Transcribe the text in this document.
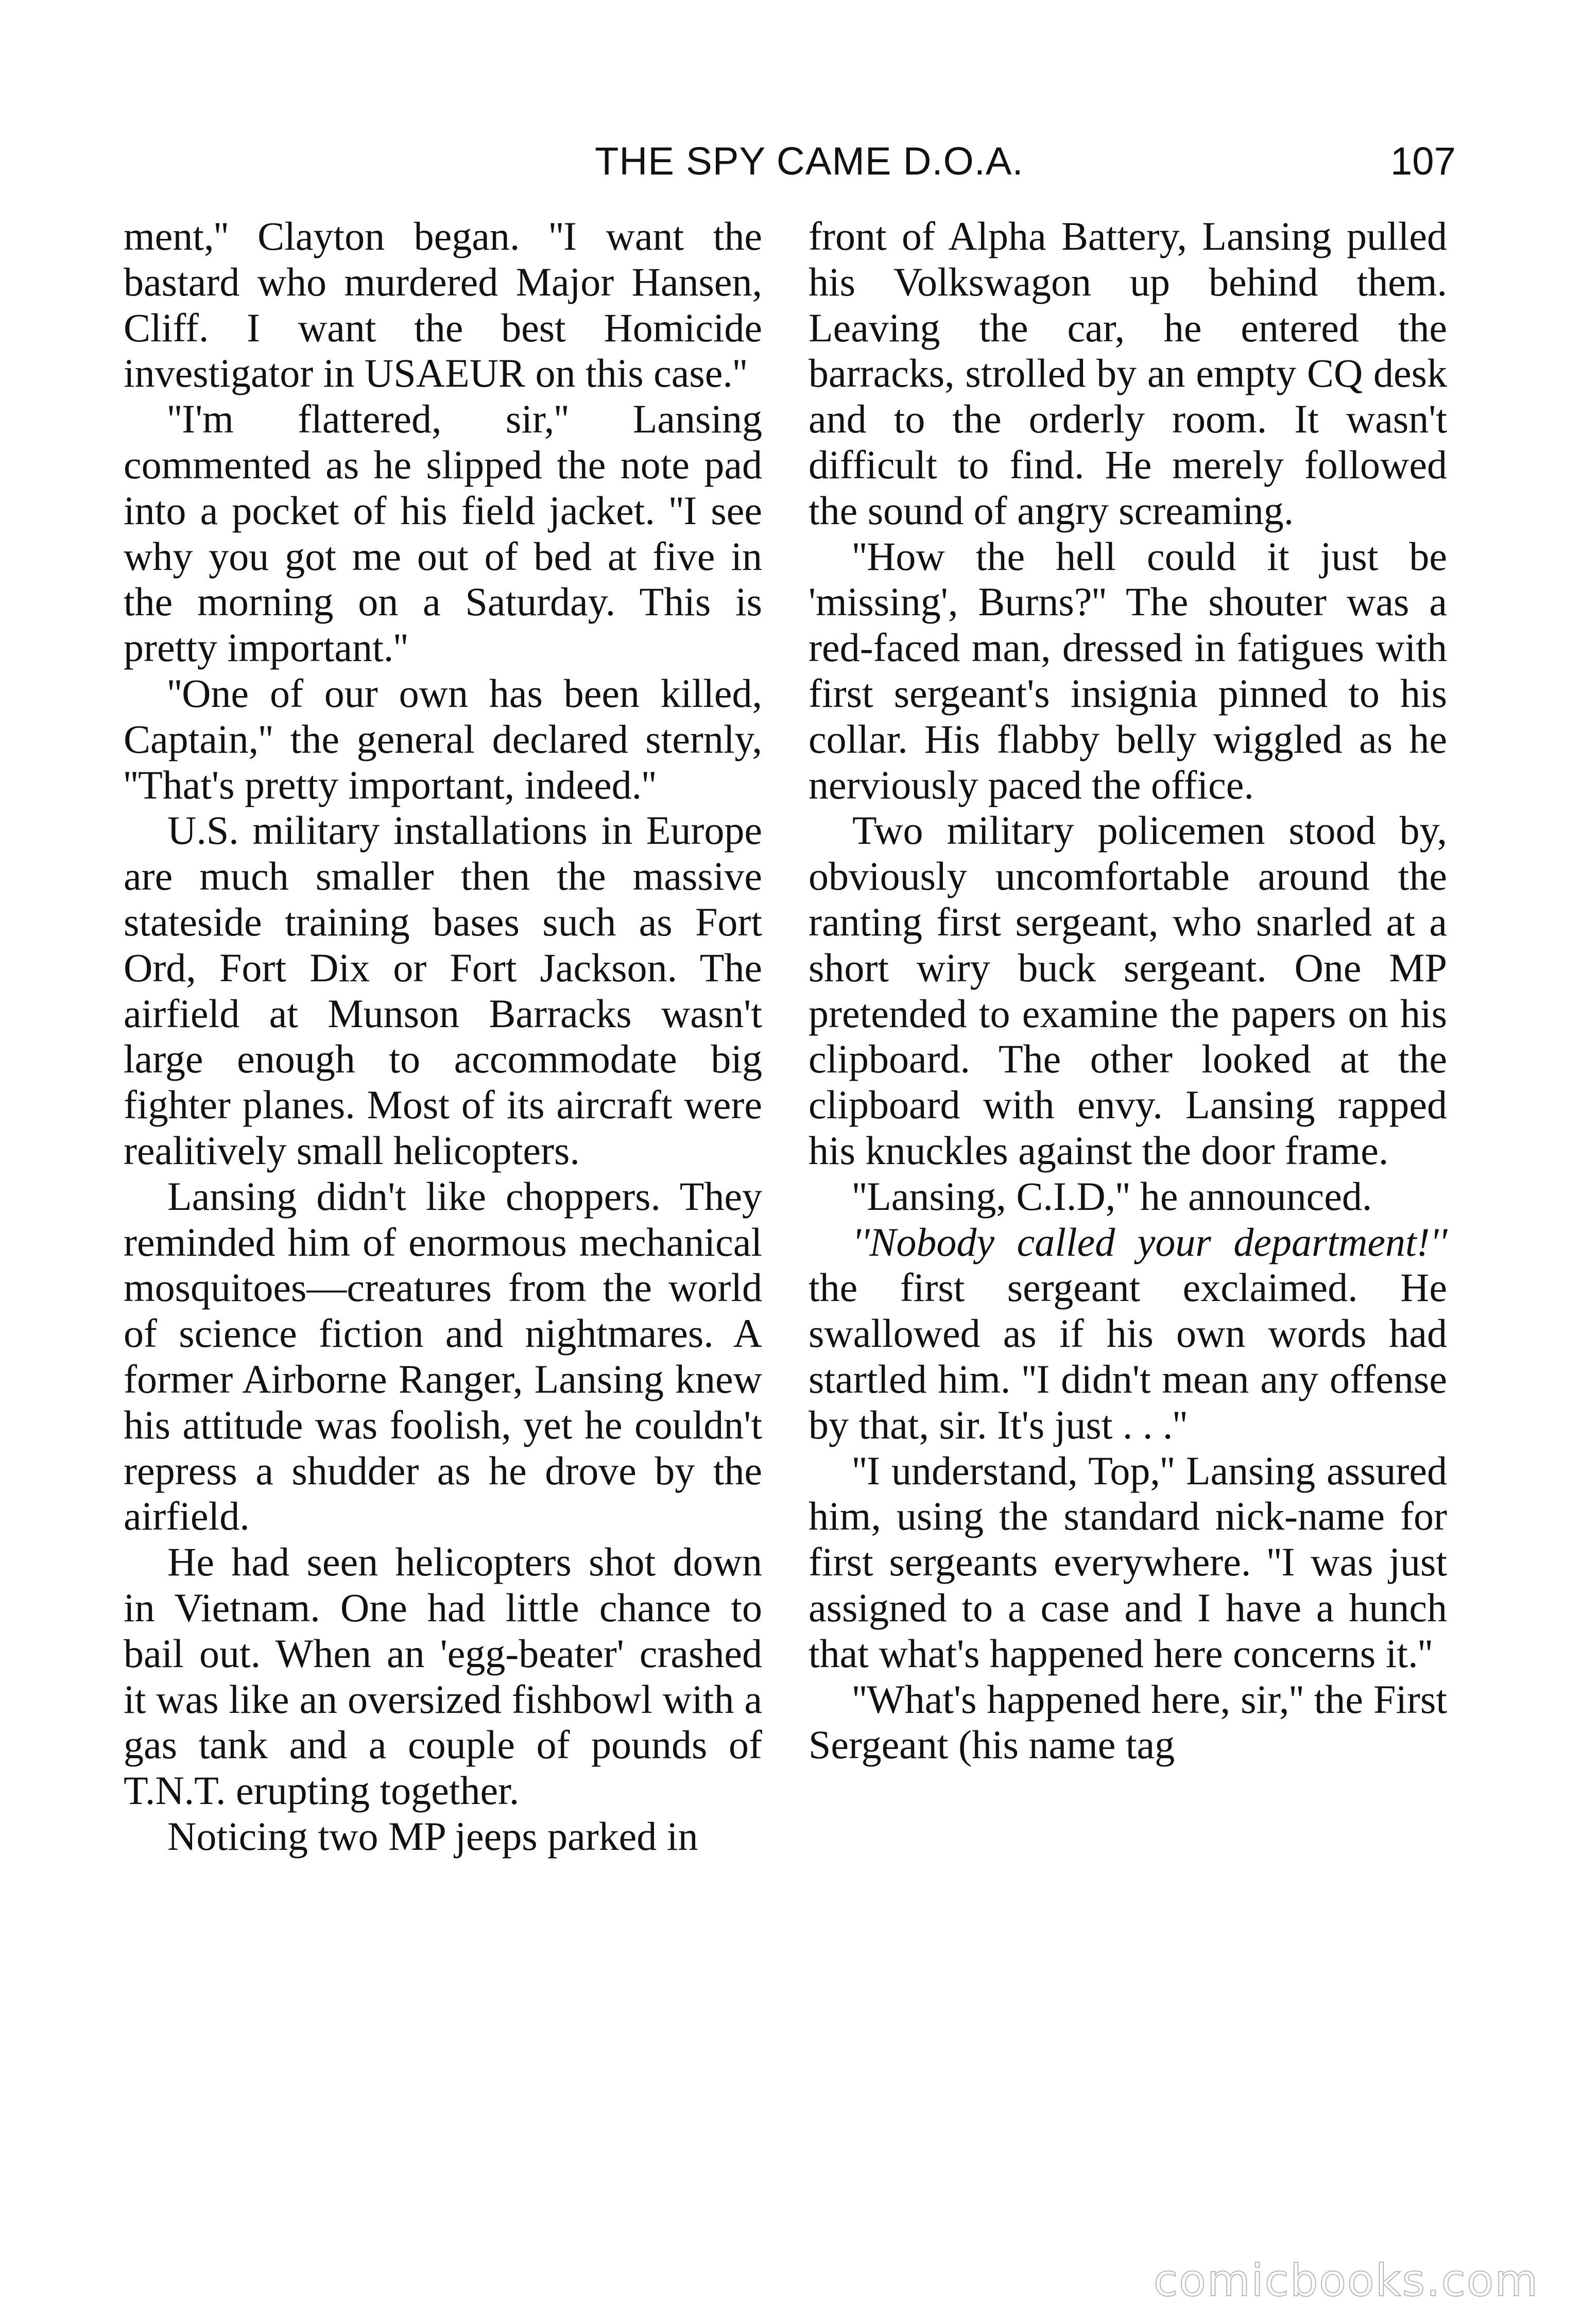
THE SPY CAME D.O.A.	107

ment,'' Clayton began. ''I want the bastard who murdered Major Hansen, Cliff. I want the best Homicide investigator in USAEUR on this case.''

''I'm flattered, sir,'' Lansing commented as he slipped the note pad into a pocket of his field jacket. ''I see why you got me out of bed at five in the morning on a Saturday. This is pretty important.''

''One of our own has been killed, Captain,'' the general declared sternly, ''That's pretty important, indeed.''

U.S. military installations in Europe are much smaller then the massive stateside training bases such as Fort Ord, Fort Dix or Fort Jackson. The airfield at Munson Barracks wasn't large enough to accommodate big fighter planes. Most of its aircraft were realitively small helicopters.

Lansing didn't like choppers. They reminded him of enormous mechanical mosquitoes—creatures from the world of science fiction and nightmares. A former Airborne Ranger, Lansing knew his attitude was foolish, yet he couldn't repress a shudder as he drove by the airfield.

He had seen helicopters shot down in Vietnam. One had little chance to bail out. When an 'egg-beater' crashed it was like an oversized fishbowl with a gas tank and a couple of pounds of T.N.T. erupting together.

Noticing two MP jeeps parked in

front of Alpha Battery, Lansing pulled his Volkswagon up behind them. Leaving the car, he entered the barracks, strolled by an empty CQ desk and to the orderly room. It wasn't difficult to find. He merely followed the sound of angry screaming.

''How the hell could it just be 'missing', Burns?'' The shouter was a red-faced man, dressed in fatigues with first sergeant's insignia pinned to his collar. His flabby belly wiggled as he nerviously paced the office.

Two military policemen stood by, obviously uncomfortable around the ranting first sergeant, who snarled at a short wiry buck sergeant. One MP pretended to examine the papers on his clipboard. The other looked at the clipboard with envy. Lansing rapped his knuckles against the door frame.

''Lansing, C.I.D,'' he announced.

''Nobody called your department!'' the first sergeant exclaimed. He swallowed as if his own words had startled him. ''I didn't mean any offense by that, sir. It's just . . .''

''I understand, Top,'' Lansing assured him, using the standard nick-name for first sergeants everywhere. ''I was just assigned to a case and I have a hunch that what's happened here concerns it.''

''What's happened here, sir,'' the First Sergeant (his name tag

comicbooks.com
